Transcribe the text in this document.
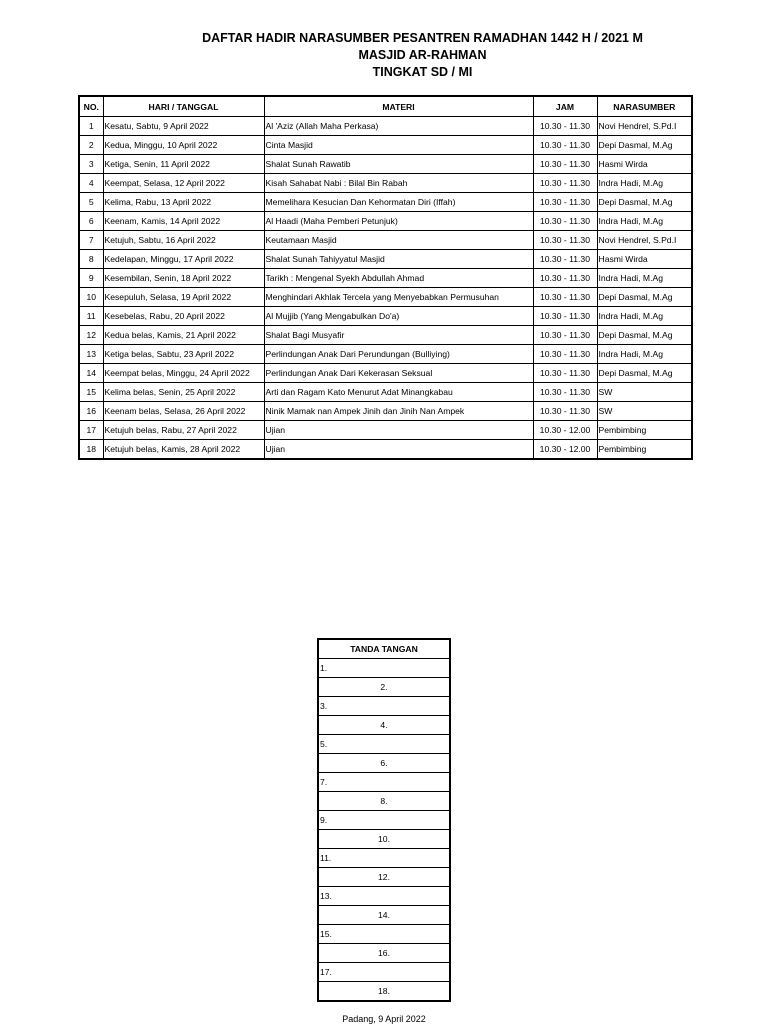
DAFTAR HADIR NARASUMBER PESANTREN RAMADHAN 1442 H / 2021 M
MASJID AR-RAHMAN
TINGKAT SD / MI
NO.	HARI / TANGGAL	MATERI	JAM	NARASUMBER
1	Kesatu, Sabtu, 9 April 2022	Al 'Aziz (Allah Maha Perkasa)	10.30 - 11.30	Novi Hendrel, S.Pd.I
2	Kedua, Minggu, 10 April 2022	Cinta Masjid	10.30 - 11.30	Depi Dasmal, M.Ag
3	Ketiga, Senin, 11 April 2022	Shalat Sunah Rawatib	10.30 - 11.30	Hasmi Wirda
4	Keempat, Selasa, 12 April 2022	Kisah Sahabat Nabi : Bilal Bin Rabah	10.30 - 11.30	Indra Hadi, M.Ag
5	Kelima, Rabu, 13 April 2022	Memelihara Kesucian Dan Kehormatan Diri (Iffah)	10.30 - 11.30	Depi Dasmal, M.Ag
6	Keenam, Kamis, 14 April 2022	Al Haadi (Maha Pemberi Petunjuk)	10.30 - 11.30	Indra Hadi, M.Ag
7	Ketujuh, Sabtu, 16 April 2022	Keutamaan Masjid	10.30 - 11.30	Novi Hendrel, S.Pd.I
8	Kedelapan, Minggu, 17 April 2022	Shalat Sunah Tahiyyatul Masjid	10.30 - 11.30	Hasmi Wirda
9	Kesembilan, Senin, 18 April 2022	Tarikh : Mengenal Syekh Abdullah Ahmad	10.30 - 11.30	Indra Hadi, M.Ag
10	Kesepuluh, Selasa, 19 April 2022	Menghindari Akhlak Tercela yang Menyebabkan Permusuhan	10.30 - 11.30	Depi Dasmal, M.Ag
11	Kesebelas, Rabu, 20 April 2022	Al Mujjib (Yang Mengabulkan Do'a)	10.30 - 11.30	Indra Hadi, M.Ag
12	Kedua belas, Kamis, 21 April 2022	Shalat Bagi Musyafir	10.30 - 11.30	Depi Dasmal, M.Ag
13	Ketiga belas, Sabtu, 23 April 2022	Perlindungan Anak Dari Perundungan (Bulliying)	10.30 - 11.30	Indra Hadi, M.Ag
14	Keempat belas, Minggu, 24 April 2022	Perlindungan Anak Dari Kekerasan Seksual	10.30 - 11.30	Depi Dasmal, M.Ag
15	Kelima belas, Senin, 25 April 2022	Arti dan Ragam Kato Menurut Adat Minangkabau	10.30 - 11.30	SW
16	Keenam belas, Selasa, 26 April 2022	Ninik Mamak nan Ampek Jinih dan Jinih Nan Ampek	10.30 - 11.30	SW
17	Ketujuh belas, Rabu, 27 April 2022	Ujian	10.30 - 12.00	Pembimbing
18	Ketujuh belas, Kamis, 28 April 2022	Ujian	10.30 - 12.00	Pembimbing
TANDA TANGAN
1.
2.
3.
4.
5.
6.
7.
8.
9.
10.
11.
12.
13.
14.
15.
16.
17.
18.
Padang, 9 April 2022
